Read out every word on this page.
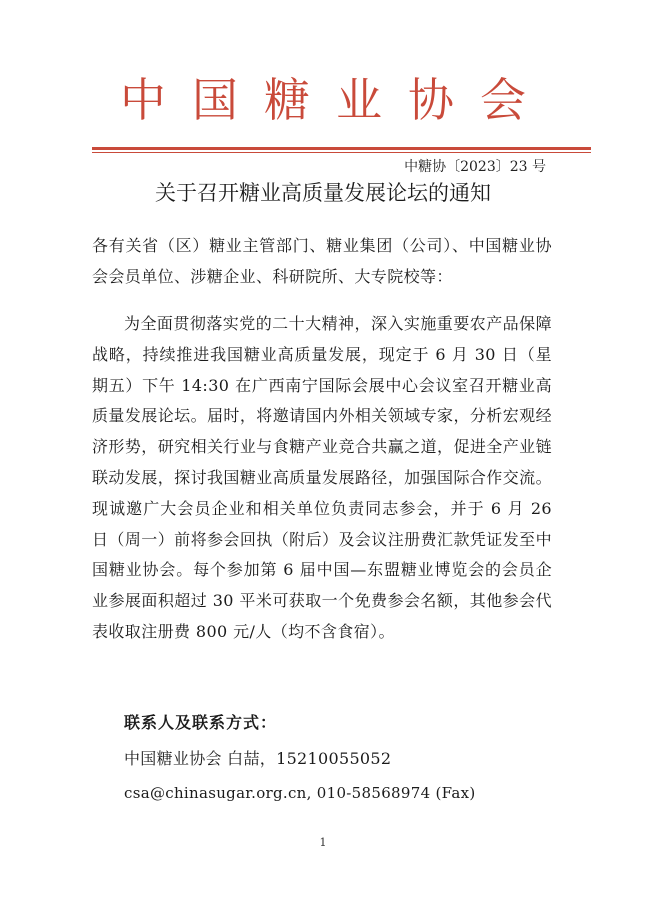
中国糖业协会
中糖协〔2023〕23 号
关于召开糖业高质量发展论坛的通知
各有关省（区）糖业主管部门、糖业集团（公司）、中国糖业协会会员单位、涉糖企业、科研院所、大专院校等：
为全面贯彻落实党的二十大精神，深入实施重要农产品保障战略，持续推进我国糖业高质量发展，现定于 6 月 30 日（星期五）下午 14:30 在广西南宁国际会展中心会议室召开糖业高质量发展论坛。届时，将邀请国内外相关领域专家，分析宏观经济形势，研究相关行业与食糖产业竞合共赢之道，促进全产业链联动发展，探讨我国糖业高质量发展路径，加强国际合作交流。现诚邀广大会员企业和相关单位负责同志参会，并于 6 月 26 日（周一）前将参会回执（附后）及会议注册费汇款凭证发至中国糖业协会。每个参加第 6 届中国—东盟糖业博览会的会员企业参展面积超过 30 平米可获取一个免费参会名额，其他参会代表收取注册费 800 元/人（均不含食宿）。
联系人及联系方式：
中国糖业协会 白喆，15210055052
csa@chinasugar.org.cn, 010-58568974 (Fax)
1
